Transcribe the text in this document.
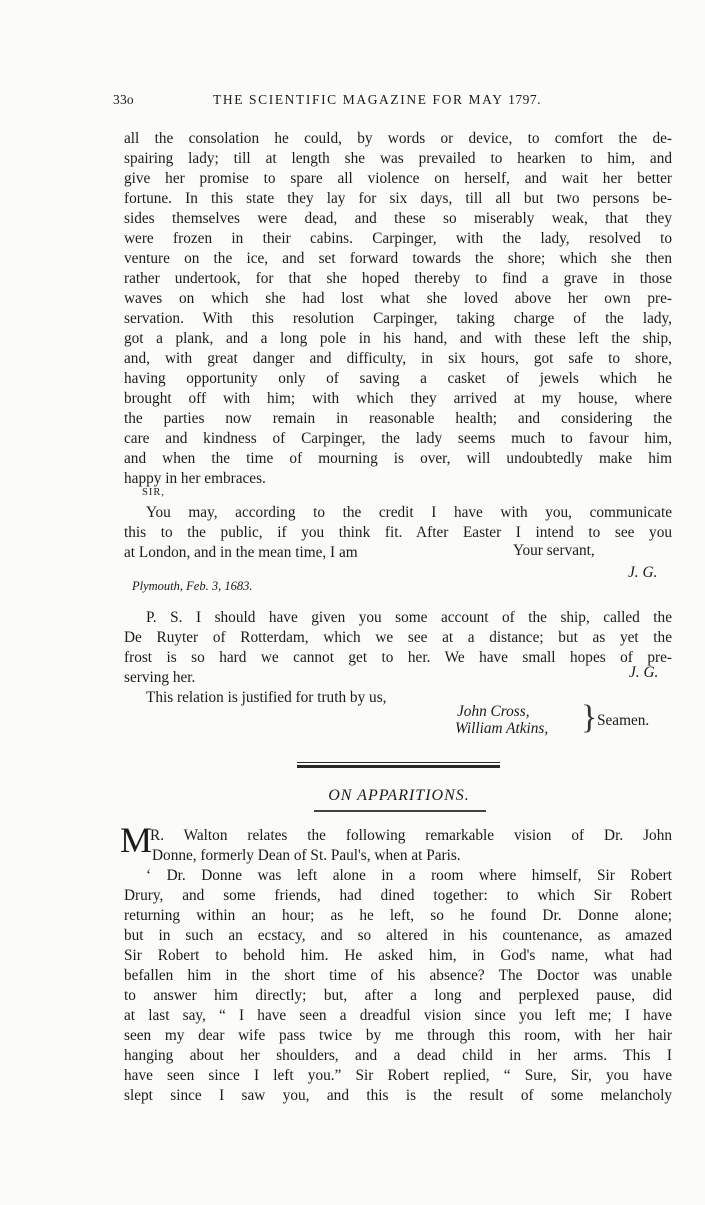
33o	THE SCIENTIFIC MAGAZINE FOR MAY 1797.
all the consolation he could, by words or device, to comfort the de-
spairing lady; till at length she was prevailed to hearken to him, and
give her promise to spare all violence on herself, and wait her better
fortune. In this state they lay for six days, till all but two persons be-
sides themselves were dead, and these so miserably weak, that they
were frozen in their cabins. Carpinger, with the lady, resolved to
venture on the ice, and set forward towards the shore; which she then
rather undertook, for that she hoped thereby to find a grave in those
waves on which she had lost what she loved above her own pre-
servation. With this resolution Carpinger, taking charge of the lady,
got a plank, and a long pole in his hand, and with these left the ship,
and, with great danger and difficulty, in six hours, got safe to shore,
having opportunity only of saving a casket of jewels which he
brought off with him; with which they arrived at my house, where
the parties now remain in reasonable health; and considering the
care and kindness of Carpinger, the lady seems much to favour him,
and when the time of mourning is over, will undoubtedly make him
happy in her embraces.
SIR,
You may, according to the credit I have with you, communicate
this to the public, if you think fit. After Easter I intend to see you
at London, and in the mean time, I am	Your servant,
J. G.
Plymouth, Feb. 3, 1683.
P. S. I should have given you some account of the ship, called the
De Ruyter of Rotterdam, which we see at a distance; but as yet the
frost is so hard we cannot get to her. We have small hopes of pre-
serving her.
This relation is justified for truth by us,
J. G.
John Cross,
William Atkins, } Seamen.
ON APPARITIONS.
M
R. Walton relates the following remarkable vision of Dr. John
Donne, formerly Dean of St. Paul's, when at Paris.
‘ Dr. Donne was left alone in a room where himself, Sir Robert
Drury, and some friends, had dined together: to which Sir Robert
returning within an hour; as he left, so he found Dr. Donne alone;
but in such an ecstacy, and so altered in his countenance, as amazed
Sir Robert to behold him. He asked him, in God's name, what had
befallen him in the short time of his absence? The Doctor was unable
to answer him directly; but, after a long and perplexed pause, did
at last say, “ I have seen a dreadful vision since you left me; I have
seen my dear wife pass twice by me through this room, with her hair
hanging about her shoulders, and a dead child in her arms. This I
have seen since I left you.” Sir Robert replied, “ Sure, Sir, you have
slept since I saw you, and this is the result of some melancholy
